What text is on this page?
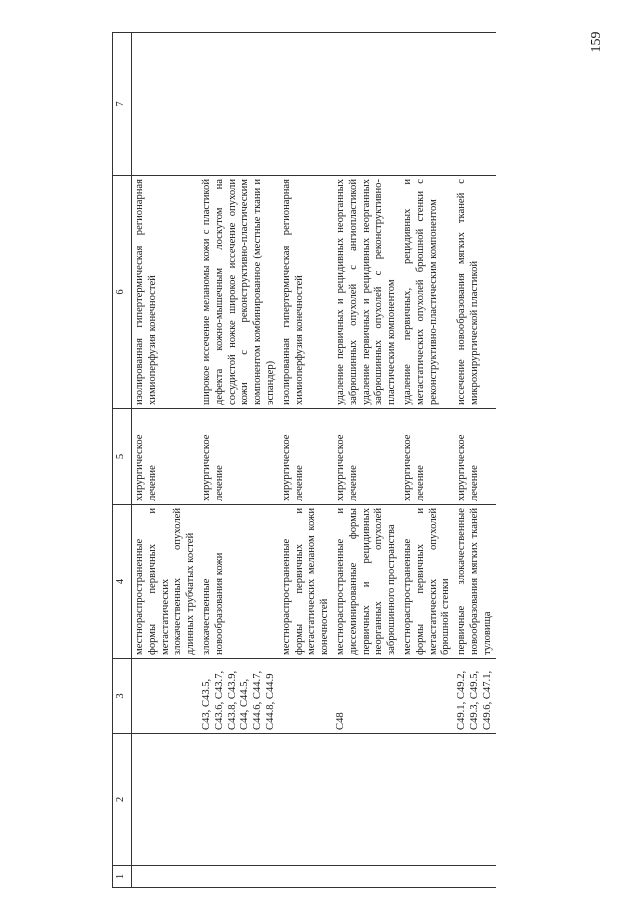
159
1	2	3	4	5	6	7
			местнораспространенные формы первичных и метастатических злокачественных опухолей длинных трубчатых костей	хирургическое лечение	изолированная гипертермическая регионарная химиоперфузия конечностей	
		C43, C43.5, C43.6, C43.7, C43.8, C43.9, C44, C44.5, C44.6, C44.7, C44.8, C44.9	злокачественные новообразования кожи	хирургическое лечение	широкое иссечение меланомы кожи с пластикой дефекта кожно-мышечным лоскутом на сосудистой ножке широкое иссечение опухоли кожи с реконструктивно-пластическим компонентом комбинированное (местные ткани и эспандер)	
			местнораспространенные формы первичных и метастатических меланом кожи конечностей	хирургическое лечение	изолированная гипертермическая регионарная химиоперфузия конечностей	
		C48	местнораспространенные и диссеминированные формы первичных и рецидивных неорганных опухолей забрюшинного пространства	хирургическое лечение	удаление первичных и рецидивных неорганных забрюшинных опухолей с ангиопластикой удаление первичных и рецидивных неорганных забрюшинных опухолей с реконструктивно-пластическим компонентом	
			местнораспространенные формы первичных и метастатических опухолей брюшной стенки	хирургическое лечение	удаление первичных, рецидивных и метастатических опухолей брюшной стенки с реконструктивно-пластическим компонентом	
		C49.1, C49.2, C49.3, C49.5, C49.6, C47.1,	первичные злокачественные новообразования мягких тканей туловища	хирургическое лечение	иссечение новообразования мягких тканей с микрохирургической пластикой	
